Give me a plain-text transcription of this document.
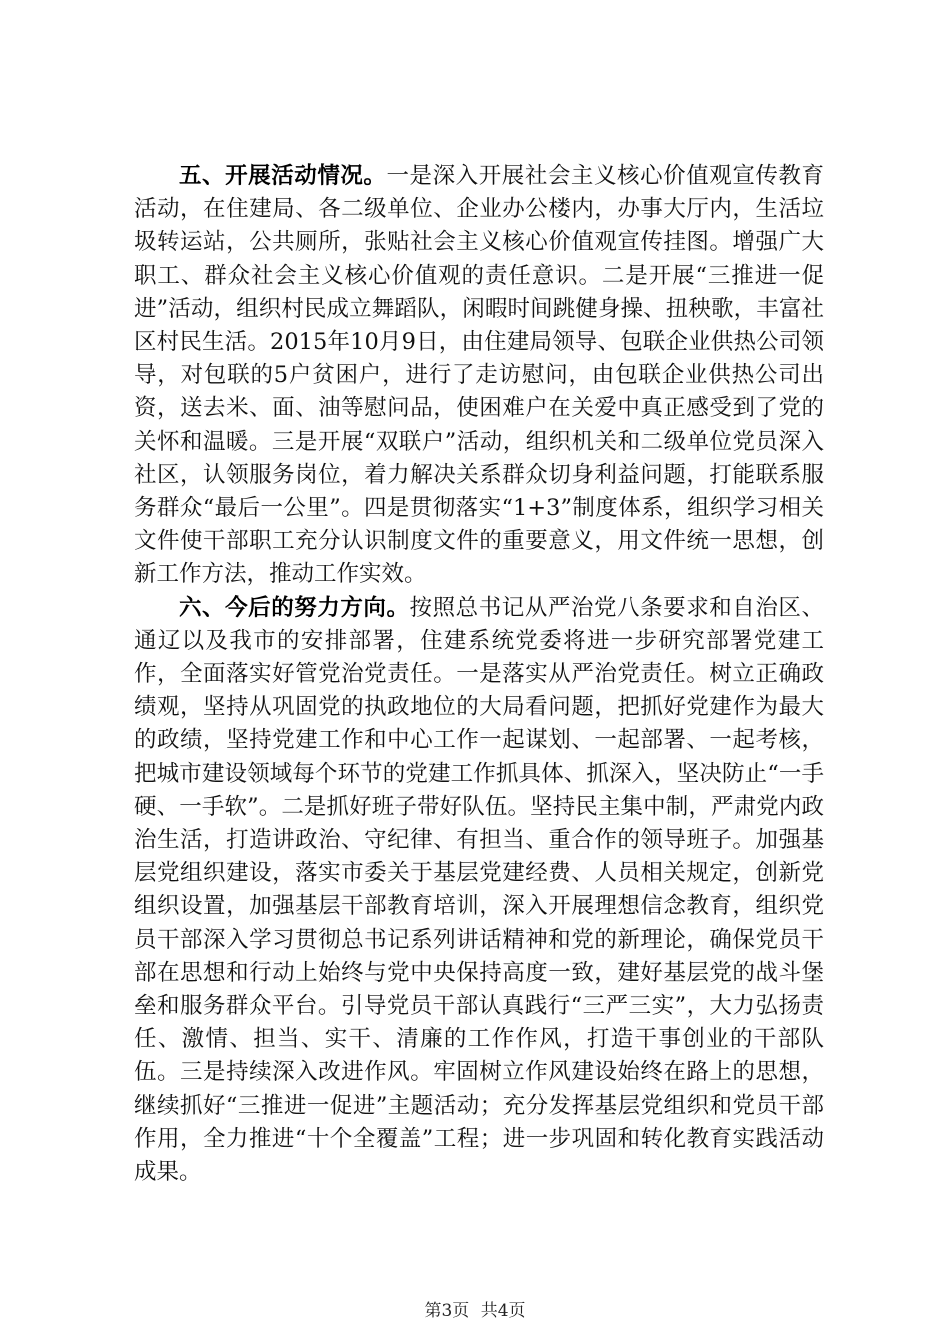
五、开展活动情况。一是深入开展社会主义核心价值观宣传教育活动，在住建局、各二级单位、企业办公楼内，办事大厅内，生活垃圾转运站，公共厕所，张贴社会主义核心价值观宣传挂图。增强广大职工、群众社会主义核心价值观的责任意识。二是开展“三推进一促进”活动，组织村民成立舞蹈队，闲暇时间跳健身操、扭秧歌，丰富社区村民生活。2015年10月9日，由住建局领导、包联企业供热公司领导，对包联的5户贫困户，进行了走访慰问，由包联企业供热公司出资，送去米、面、油等慰问品，使困难户在关爱中真正感受到了党的关怀和温暖。三是开展“双联户”活动，组织机关和二级单位党员深入社区，认领服务岗位，着力解决关系群众切身利益问题，打能联系服务群众“最后一公里”。四是贯彻落实“1+3”制度体系，组织学习相关文件使干部职工充分认识制度文件的重要意义，用文件统一思想，创新工作方法，推动工作实效。

六、今后的努力方向。按照总书记从严治党八条要求和自治区、通辽以及我市的安排部署，住建系统党委将进一步研究部署党建工作，全面落实好管党治党责任。一是落实从严治党责任。树立正确政绩观，坚持从巩固党的执政地位的大局看问题，把抓好党建作为最大的政绩，坚持党建工作和中心工作一起谋划、一起部署、一起考核，把城市建设领域每个环节的党建工作抓具体、抓深入，坚决防止“一手硬、一手软”。二是抓好班子带好队伍。坚持民主集中制，严肃党内政治生活，打造讲政治、守纪律、有担当、重合作的领导班子。加强基层党组织建设，落实市委关于基层党建经费、人员相关规定，创新党组织设置，加强基层干部教育培训，深入开展理想信念教育，组织党员干部深入学习贯彻总书记系列讲话精神和党的新理论，确保党员干部在思想和行动上始终与党中央保持高度一致，建好基层党的战斗堡垒和服务群众平台。引导党员干部认真践行“三严三实”，大力弘扬责任、激情、担当、实干、清廉的工作作风，打造干事创业的干部队伍。三是持续深入改进作风。牢固树立作风建设始终在路上的思想，继续抓好“三推进一促进”主题活动；充分发挥基层党组织和党员干部作用，全力推进“十个全覆盖”工程；进一步巩固和转化教育实践活动成果。

第3页 共4页
